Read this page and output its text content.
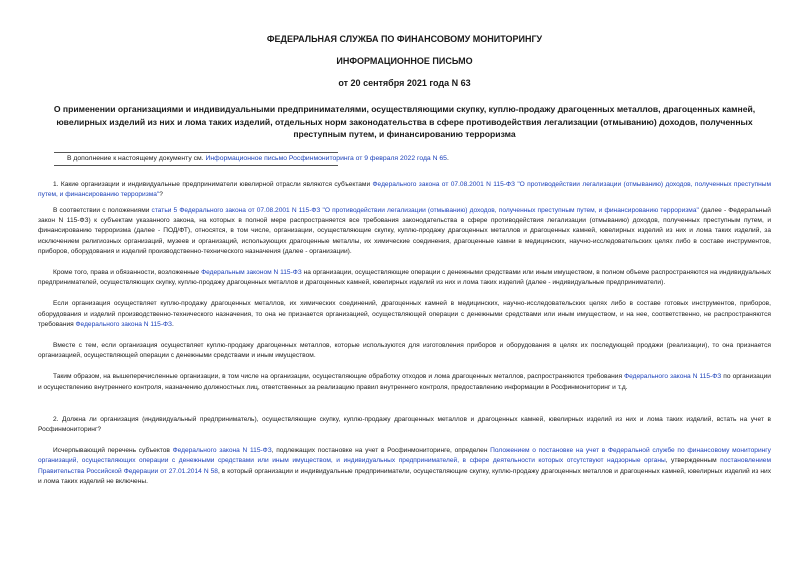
ФЕДЕРАЛЬНАЯ СЛУЖБА ПО ФИНАНСОВОМУ МОНИТОРИНГУ
ИНФОРМАЦИОННОЕ ПИСЬМО
от 20 сентября 2021 года N 63
О применении организациями и индивидуальными предпринимателями, осуществляющими скупку, куплю-продажу драгоценных металлов, драгоценных камней, ювелирных изделий из них и лома таких изделий, отдельных норм законодательства в сфере противодействия легализации (отмыванию) доходов, полученных преступным путем, и финансированию терроризма
В дополнение к настоящему документу см. Информационное письмо Росфинмониторинга от 9 февраля 2022 года N 65.

1. Какие организации и индивидуальные предприниматели ювелирной отрасли являются субъектами Федерального закона от 07.08.2001 N 115-ФЗ "О противодействии легализации (отмыванию) доходов, полученных преступным путем, и финансированию терроризма"?

В соответствии с положениями статьи 5 Федерального закона от 07.08.2001 N 115-ФЗ "О противодействии легализации (отмыванию) доходов, полученных преступным путем, и финансированию терроризма" (далее - Федеральный закон N 115-ФЗ) к субъектам указанного закона, на которых в полной мере распространяется все требования законодательства в сфере противодействия легализации (отмыванию) доходов, полученных преступным путем, и финансированию терроризма (далее - ПОД/ФТ), относятся, в том числе, организации, осуществляющие скупку, куплю-продажу драгоценных металлов и драгоценных камней, ювелирных изделий из них и лома таких изделий, за исключением религиозных организаций, музеев и организаций, использующих драгоценные металлы, их химические соединения, драгоценные камни в медицинских, научно-исследовательских целях либо в составе инструментов, приборов, оборудования и изделий производственно-технического назначения (далее - организации).

Кроме того, права и обязанности, возложенные Федеральным законом N 115-ФЗ на организации, осуществляющие операции с денежными средствами или иным имуществом, в полном объеме распространяются на индивидуальных предпринимателей, осуществляющих скупку, куплю-продажу драгоценных металлов и драгоценных камней, ювелирных изделий из них и лома таких изделий (далее - индивидуальные предприниматели).

Если организация осуществляет куплю-продажу драгоценных металлов, их химических соединений, драгоценных камней в медицинских, научно-исследовательских целях либо в составе готовых инструментов, приборов, оборудования и изделий производственно-технического назначения, то она не признается организацией, осуществляющей операции с денежными средствами или иным имуществом, и на нее, соответственно, не распространяются требования Федерального закона N 115-ФЗ.

Вместе с тем, если организация осуществляет куплю-продажу драгоценных металлов, которые используются для изготовления приборов и оборудования в целях их последующей продажи (реализации), то она признается организацией, осуществляющей операции с денежными средствами и иным имуществом.

Таким образом, на вышеперечисленные организации, в том числе на организации, осуществляющие обработку отходов и лома драгоценных металлов, распространяются требования Федерального закона N 115-ФЗ по организации и осуществлению внутреннего контроля, назначению должностных лиц, ответственных за реализацию правил внутреннего контроля, предоставлению информации в Росфинмониторинг и т.д.

2. Должна ли организация (индивидуальный предприниматель), осуществляющие скупку, куплю-продажу драгоценных металлов и драгоценных камней, ювелирных изделий из них и лома таких изделий, встать на учет в Росфинмониторинг?

Исчерпывающий перечень субъектов Федерального закона N 115-ФЗ, подлежащих постановке на учет в Росфинмониторинге, определен Положением о постановке на учет в Федеральной службе по финансовому мониторингу организаций, осуществляющих операции с денежными средствами или иным имуществом, и индивидуальных предпринимателей, в сфере деятельности которых отсутствуют надзорные органы, утвержденным постановлением Правительства Российской Федерации от 27.01.2014 N 58, в который организации и индивидуальные предприниматели, осуществляющие скупку, куплю-продажу драгоценных металлов и драгоценных камней, ювелирных изделий из них и лома таких изделий не включены.
